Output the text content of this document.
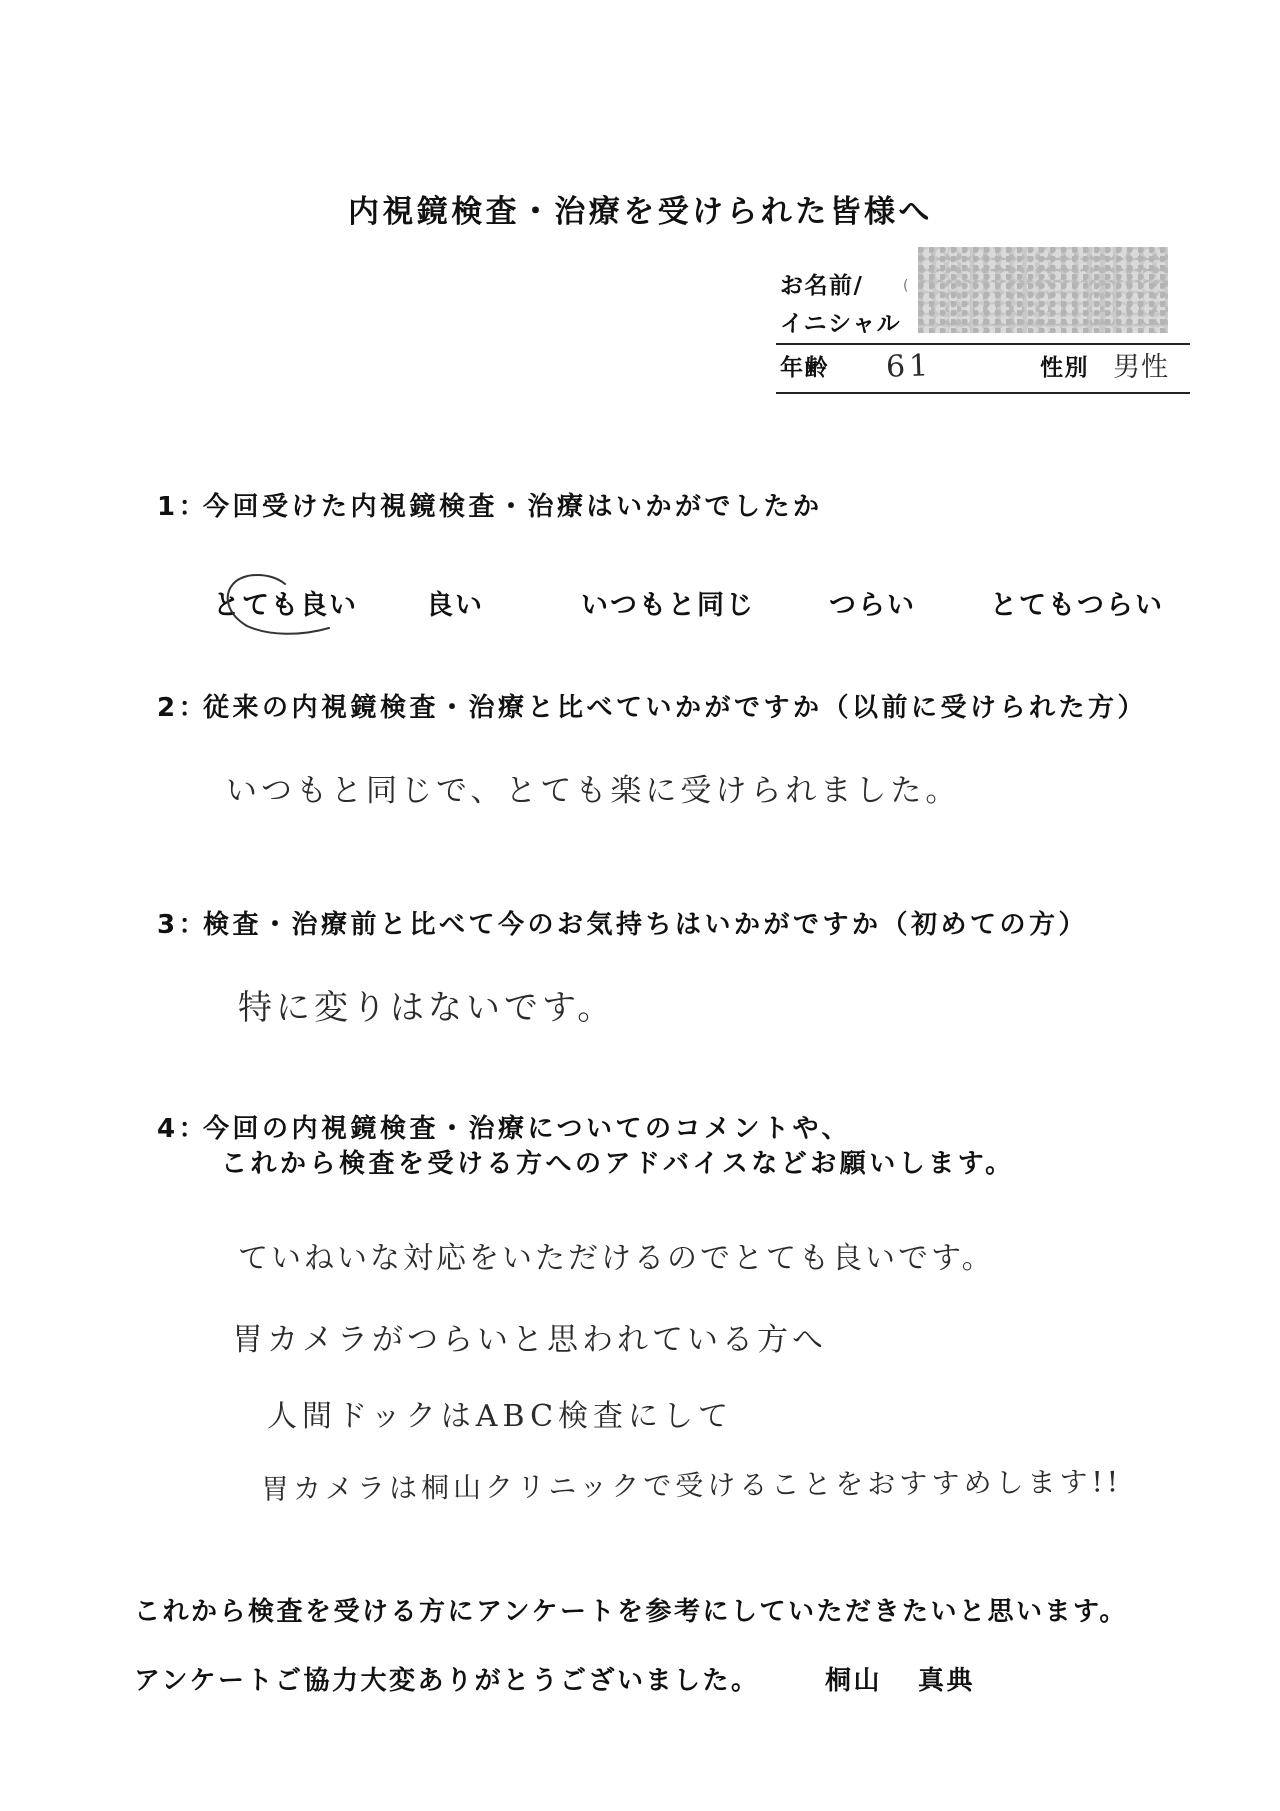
内視鏡検査・治療を受けられた皆様へ
お名前/
イニシャル
(
年齢 61	性別 男性
1：
今回受けた内視鏡検査・治療はいかがでしたか
とても良い	良い	いつもと同じ	つらい	とてもつらい
2：
従来の内視鏡検査・治療と比べていかがですか（以前に受けられた方）
いつもと同じで、とても楽に受けられました。
3：
検査・治療前と比べて今のお気持ちはいかがですか（初めての方）
特に変りはないです。
4：
今回の内視鏡検査・治療についてのコメントや、
これから検査を受ける方へのアドバイスなどお願いします。
ていねいな対応をいただけるのでとても良いです。
胃カメラがつらいと思われている方へ
人間ドックはABC検査にして
胃カメラは桐山クリニックで受けることをおすすめします!!
これから検査を受ける方にアンケートを参考にしていただきたいと思います。
アンケートご協力大変ありがとうございました。	桐山 真典
